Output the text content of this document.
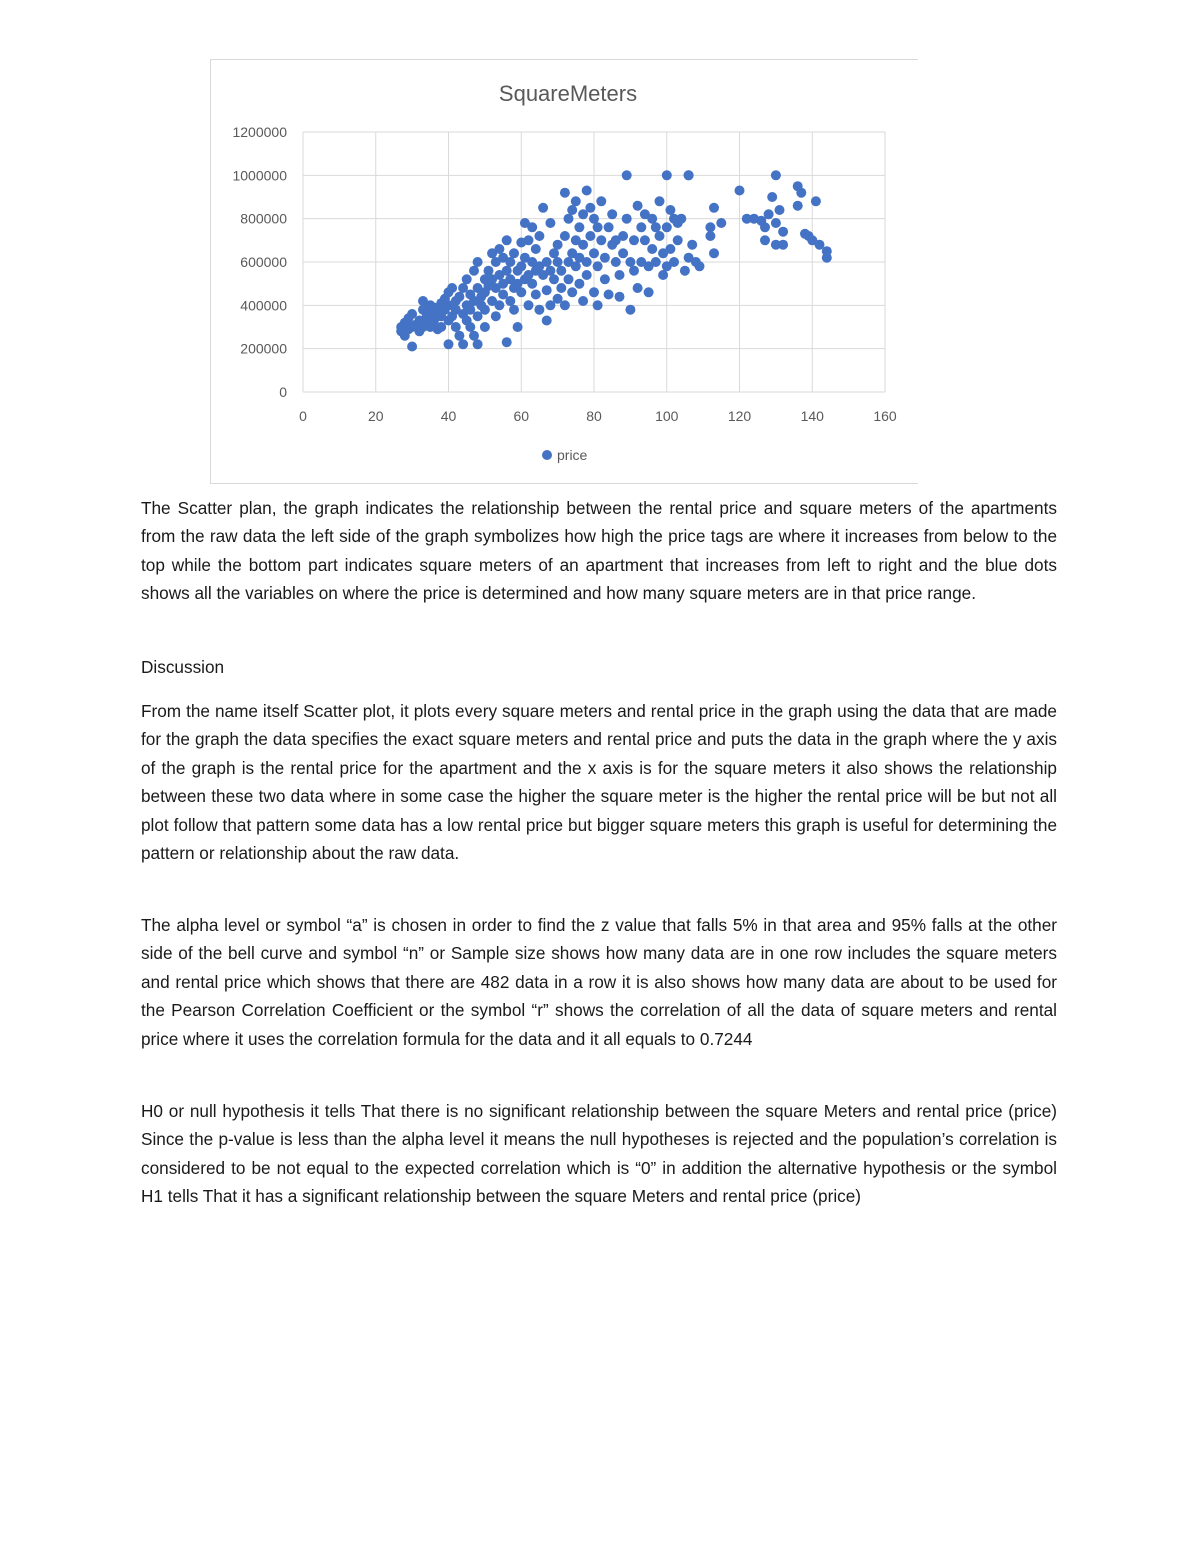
SquareMeters
0
200000
400000
600000
800000
1000000
1200000
0	20	40	60	80	100	120	140	160
price

The Scatter plan, the graph indicates the relationship between the rental price and square meters of the apartments from the raw data the left side of the graph symbolizes how high the price tags are where it increases from below to the top while the bottom part indicates square meters of an apartment that increases from left to right and the blue dots shows all the variables on where the price is determined and how many square meters are in that price range.

Discussion

From the name itself Scatter plot, it plots every square meters and rental price in the graph using the data that are made for the graph the data specifies the exact square meters and rental price and puts the data in the graph where the y axis of the graph is the rental price for the apartment and the x axis is for the square meters it also shows the relationship between these two data where in some case the higher the square meter is the higher the rental price will be but not all plot follow that pattern some data has a low rental price but bigger square meters this graph is useful for determining the pattern or relationship about the raw data.

The alpha level or symbol “a” is chosen in order to find the z value that falls 5% in that area and 95% falls at the other side of the bell curve and symbol “n” or Sample size shows how many data are in one row includes the square meters and rental price which shows that there are 482 data in a row it is also shows how many data are about to be used for the Pearson Correlation Coefficient or the symbol “r” shows the correlation of all the data of square meters and rental price where it uses the correlation formula for the data and it all equals to 0.7244

H0 or null hypothesis it tells That there is no significant relationship between the square Meters and rental price (price) Since the p-value is less than the alpha level it means the null hypotheses is rejected and the population’s correlation is considered to be not equal to the expected correlation which is “0” in addition the alternative hypothesis or the symbol H1 tells That it has a significant relationship between the square Meters and rental price (price)
